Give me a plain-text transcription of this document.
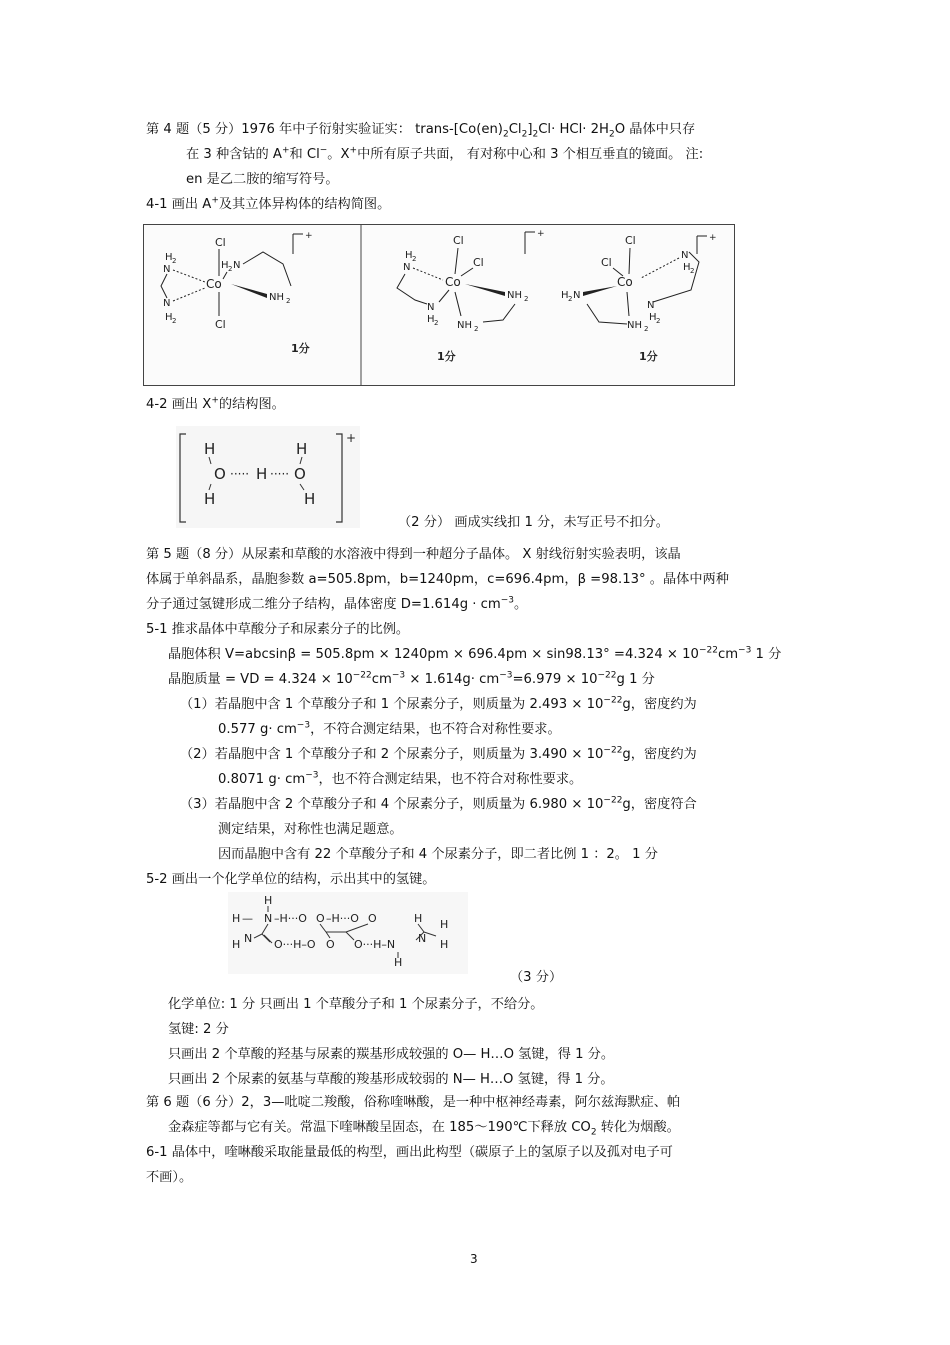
第 4 题（5 分）1976 年中子衍射实验证实： trans-$[Co(en)_2Cl_2]_2Cl\cdot HCl\cdot 2H_2O$ 晶体中只存
在 3 种含钴的 A+和 Cl−。X+中所有原子共面， 有对称中心和 3 个相互垂直的镜面。 注:
en 是乙二胺的缩写符号。
4-1 画出 A+及其立体异构体的结构简图。
Cl
Co
Cl
H 2
N
N
H 2
H 2 N
NH 2
1分
+	Cl
Cl
Co
H 2
N
N
H 2
NH 2
NH 2
+
1分
Cl
Cl
Co
N
H 2
H 2 N
N
H 2
NH 2
+
1分
4-2 画出 X+的结构图。
+
H
O
H
····· H ·····
H
O
H
（2 分） 画成实线扣 1 分，未写正号不扣分。
第 5 题（8 分）从尿素和草酸的水溶液中得到一种超分子晶体。 X 射线衍射实验表明，该晶
体属于单斜晶系，晶胞参数 a=505.8pm，b=1240pm，c=696.4pm，β =98.13° 。晶体中两种
分子通过氢键形成二维分子结构，晶体密度 $D=1.614g \cdot cm^{-3}$。
5-1 推求晶体中草酸分子和尿素分子的比例。
晶胞体积 $V=abcsin\beta = 505.8pm \times 1240pm \times 696.4pm \times \sin 98.13^\circ =4.324 \times 10^{-22}cm^{-3}$ 1 分
晶胞质量 = VD = $4.324 \times 10^{-22}cm^{-3} \times 1.614g\cdot cm^{-3}=6.979 \times 10^{-22}g$ 1 分
（1）若晶胞中含 1 个草酸分子和 1 个尿素分子，则质量为 $2.493 \times 10^{-22}g$，密度约为
0.577 $g\cdot cm^{-3}$，不符合测定结果，也不符合对称性要求。
（2）若晶胞中含 1 个草酸分子和 2 个尿素分子，则质量为 $3.490 \times 10^{-22}g$，密度约为
0.8071 $g\cdot cm^{-3}$，也不符合测定结果，也不符合对称性要求。
（3）若晶胞中含 2 个草酸分子和 4 个尿素分子，则质量为 $6.980 \times 10^{-22}g$，密度符合
测定结果，对称性也满足题意。
因而晶胞中含有 22 个草酸分子和 4 个尿素分子，即二者比例 1 ：2。 1 分
5-2 画出一个化学单位的结构，示出其中的氢键。
H
H — N –H···O O –H···O O	H
H N O···H–O O O···H–N N H
H
H
（3 分）
化学单位: 1 分 只画出 1 个草酸分子和 1 个尿素分子，不给分。
氢键: 2 分
只画出 2 个草酸的羟基与尿素的羰基形成较强的 O— H…O 氢键，得 1 分。
只画出 2 个尿素的氨基与草酸的羧基形成较弱的 N— H…O 氢键，得 1 分。
第 6 题（6 分）2，3—吡啶二羧酸，俗称喹啉酸，是一种中枢神经毒素，阿尔兹海默症、帕
金森症等都与它有关。常温下喹啉酸呈固态，在 185～190℃下释放 $CO_2$ 转化为烟酸。
6-1 晶体中，喹啉酸采取能量最低的构型，画出此构型（碳原子上的氢原子以及孤对电子可
不画）。
3
